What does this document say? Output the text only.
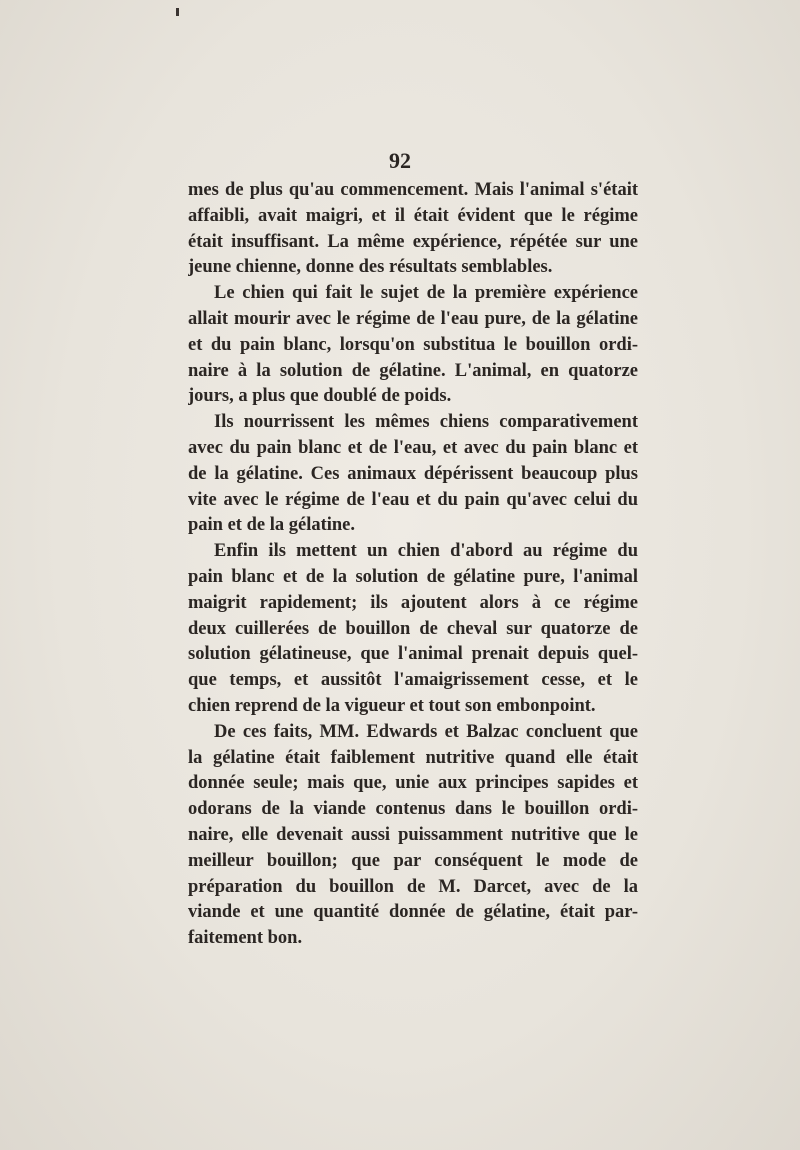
92
mes de plus qu'au commencement. Mais l'animal s'était
affaibli, avait maigri, et il était évident que le régime
était insuffisant. La même expérience, répétée sur une
jeune chienne, donne des résultats semblables.
Le chien qui fait le sujet de la première expérience
allait mourir avec le régime de l'eau pure, de la gélatine
et du pain blanc, lorsqu'on substitua le bouillon ordi-
naire à la solution de gélatine. L'animal, en quatorze
jours, a plus que doublé de poids.
Ils nourrissent les mêmes chiens comparativement
avec du pain blanc et de l'eau, et avec du pain blanc et
de la gélatine. Ces animaux dépérissent beaucoup plus
vite avec le régime de l'eau et du pain qu'avec celui du
pain et de la gélatine.
Enfin ils mettent un chien d'abord au régime du
pain blanc et de la solution de gélatine pure, l'animal
maigrit rapidement; ils ajoutent alors à ce régime
deux cuillerées de bouillon de cheval sur quatorze de
solution gélatineuse, que l'animal prenait depuis quel-
que temps, et aussitôt l'amaigrissement cesse, et le
chien reprend de la vigueur et tout son embonpoint.
De ces faits, MM. Edwards et Balzac concluent que
la gélatine était faiblement nutritive quand elle était
donnée seule; mais que, unie aux principes sapides et
odorans de la viande contenus dans le bouillon ordi-
naire, elle devenait aussi puissamment nutritive que le
meilleur bouillon; que par conséquent le mode de
préparation du bouillon de M. Darcet, avec de la
viande et une quantité donnée de gélatine, était par-
faitement bon.
